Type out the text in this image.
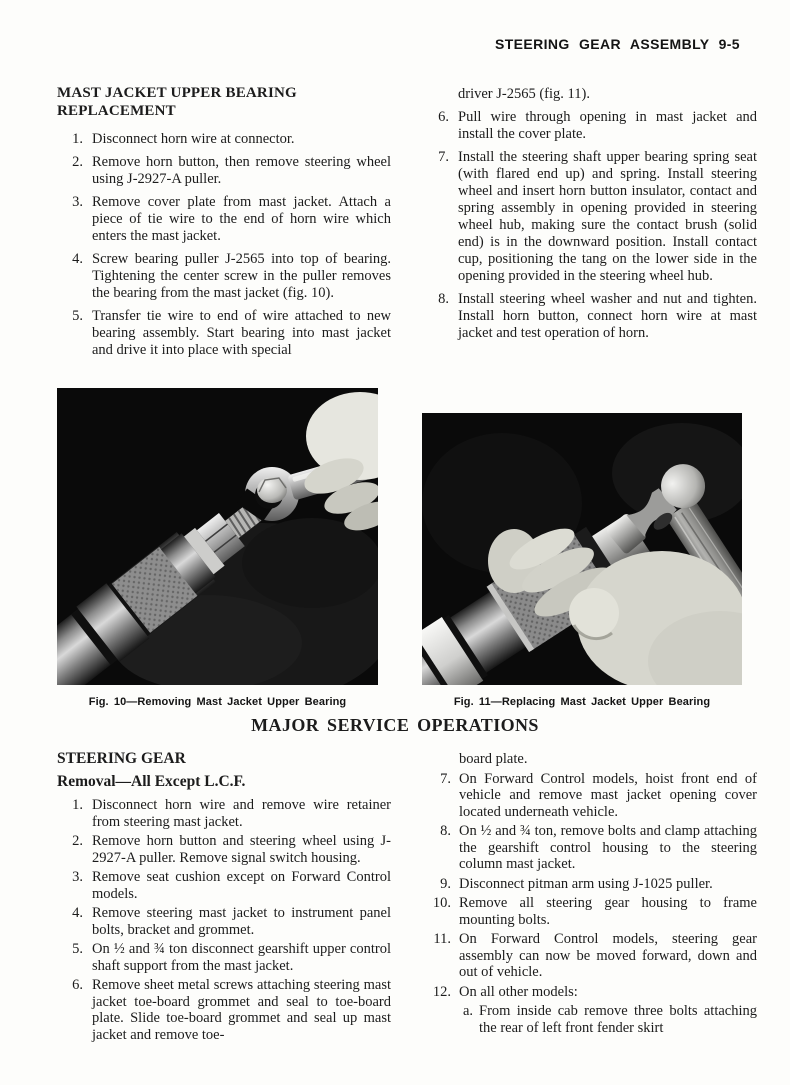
STEERING GEAR ASSEMBLY 9-5
MAST JACKET UPPER BEARING REPLACEMENT
1. Disconnect horn wire at connector.
2. Remove horn button, then remove steering wheel using J-2927-A puller.
3. Remove cover plate from mast jacket. Attach a piece of tie wire to the end of horn wire which enters the mast jacket.
4. Screw bearing puller J-2565 into top of bearing. Tightening the center screw in the puller removes the bearing from the mast jacket (fig. 10).
5. Transfer tie wire to end of wire attached to new bearing assembly. Start bearing into mast jacket and drive it into place with special
driver J-2565 (fig. 11).
6. Pull wire through opening in mast jacket and install the cover plate.
7. Install the steering shaft upper bearing spring seat (with flared end up) and spring. Install steering wheel and insert horn button insulator, contact and spring assembly in opening provided in steering wheel hub, making sure the contact brush (solid end) is in the downward position. Install contact cup, positioning the tang on the lower side in the opening provided in the steering wheel hub.
8. Install steering wheel washer and nut and tighten. Install horn button, connect horn wire at mast jacket and test operation of horn.
Fig. 10—Removing Mast Jacket Upper Bearing	Fig. 11—Replacing Mast Jacket Upper Bearing
MAJOR SERVICE OPERATIONS
STEERING GEAR
Removal—All Except L.C.F.
1. Disconnect horn wire and remove wire retainer from steering mast jacket.
2. Remove horn button and steering wheel using J-2927-A puller. Remove signal switch housing.
3. Remove seat cushion except on Forward Control models.
4. Remove steering mast jacket to instrument panel bolts, bracket and grommet.
5. On ½ and ¾ ton disconnect gearshift upper control shaft support from the mast jacket.
6. Remove sheet metal screws attaching steering mast jacket toe-board grommet and seal to toe-board plate. Slide toe-board grommet and seal up mast jacket and remove toe-
board plate.
7. On Forward Control models, hoist front end of vehicle and remove mast jacket opening cover located underneath vehicle.
8. On ½ and ¾ ton, remove bolts and clamp attaching the gearshift control housing to the steering column mast jacket.
9. Disconnect pitman arm using J-1025 puller.
10. Remove all steering gear housing to frame mounting bolts.
11. On Forward Control models, steering gear assembly can now be moved forward, down and out of vehicle.
12. On all other models:
a. From inside cab remove three bolts attaching the rear of left front fender skirt
